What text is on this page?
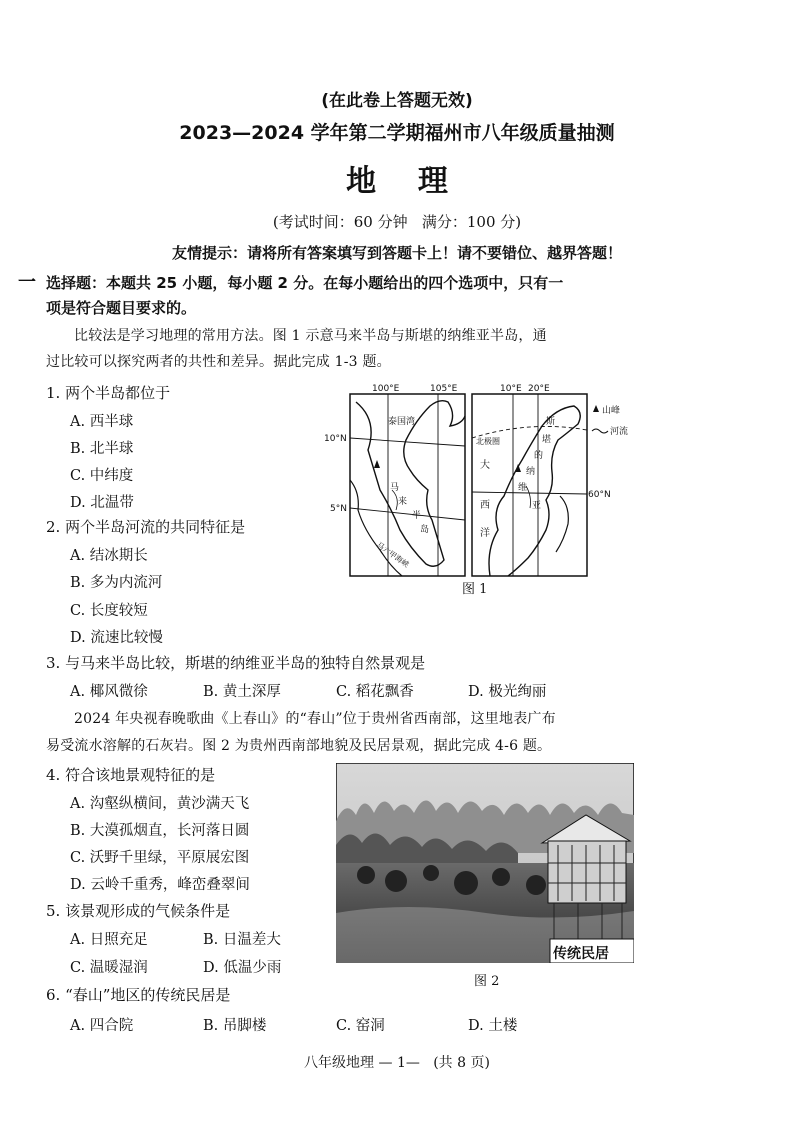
(在此卷上答题无效)
2023—2024 学年第二学期福州市八年级质量抽测
地    理
(考试时间：60 分钟   满分：100 分)
友情提示：请将所有答案填写到答题卡上！请不要错位、越界答题！
一 选择题：本题共 25 小题，每小题 2 分。在每小题给出的四个选项中，只有一
项是符合题目要求的。
比较法是学习地理的常用方法。图 1 示意马来半岛与斯堪的纳维亚半岛，通
过比较可以探究两者的共性和差异。据此完成 1-3 题。
1. 两个半岛都位于
A. 西半球
B. 北半球
C. 中纬度
D. 北温带
2. 两个半岛河流的共同特征是
A. 结冰期长
B. 多为内流河
C. 长度较短
D. 流速比较慢
3. 与马来半岛比较，斯堪的纳维亚半岛的独特自然景观是
A. 椰风微徐	B. 黄土深厚	C. 稻花飘香	D. 极光绚丽
2024 年央视春晚歌曲《上春山》的“春山”位于贵州省西南部，这里地表广布
易受流水溶解的石灰岩。图 2 为贵州西南部地貌及民居景观，据此完成 4-6 题。
4. 符合该地景观特征的是
A. 沟壑纵横间，黄沙满天飞
B. 大漠孤烟直，长河落日圆
C. 沃野千里绿，平原展宏图
D. 云岭千重秀，峰峦叠翠间
5. 该景观形成的气候条件是
A. 日照充足	B. 日温差大
C. 温暖湿润	D. 低温少雨
6. “春山”地区的传统民居是
A. 四合院	B. 吊脚楼	C. 窑洞	D. 土楼
100°E	105°E	10°E 20°E
10°N
5°N
60°N
山峰
河流
泰国湾
马
来
半
岛
马六甲海峡
北极圈
大
西
洋
斯
堪
的
纳
维
亚
图 1
传统民居
图 2
八年级地理 — 1—   (共 8 页)
